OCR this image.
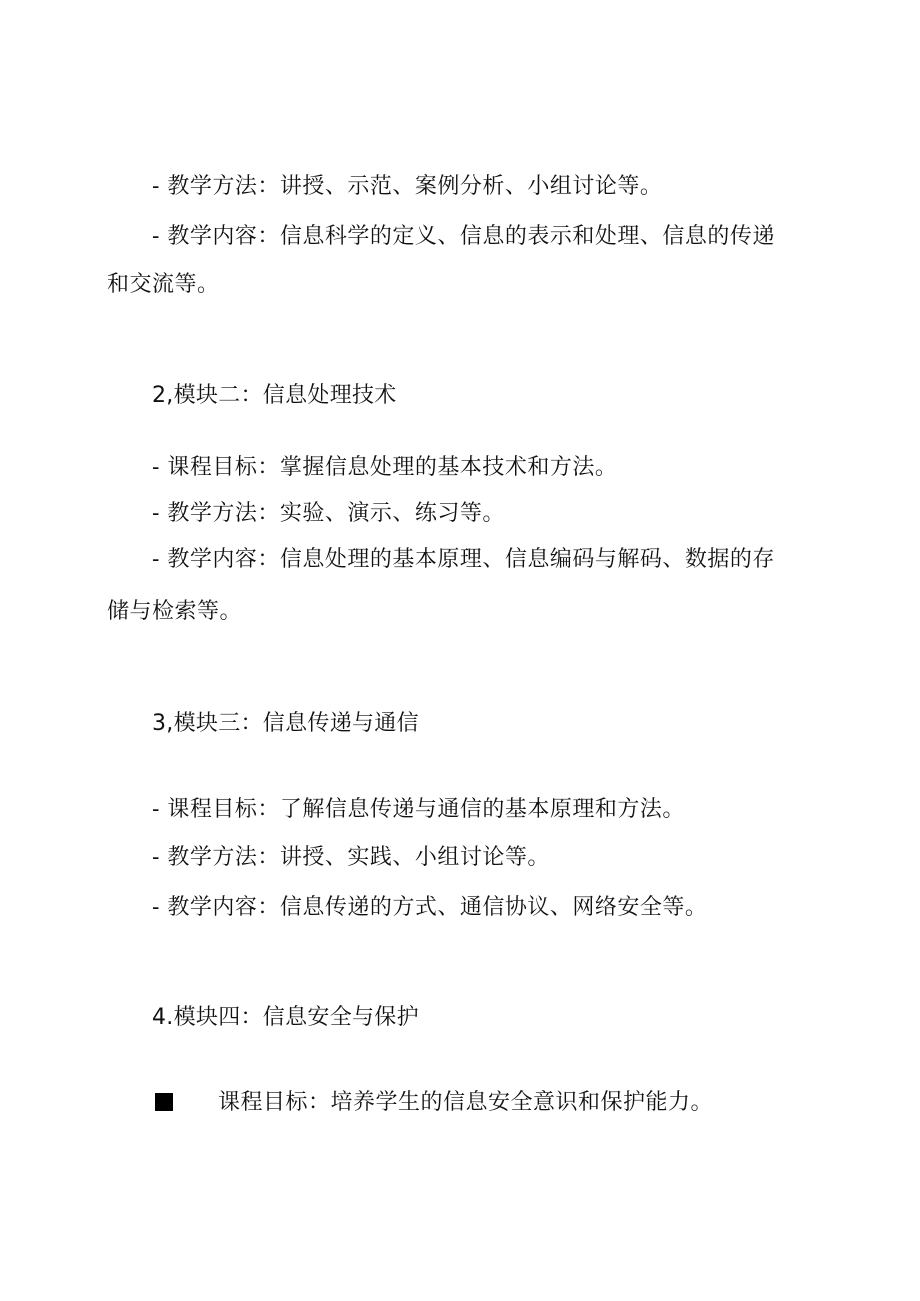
- 教学方法：讲授、示范、案例分析、小组讨论等。
- 教学内容：信息科学的定义、信息的表示和处理、信息的传递
和交流等。
2,模块二：信息处理技术
- 课程目标：掌握信息处理的基本技术和方法。
- 教学方法：实验、演示、练习等。
- 教学内容：信息处理的基本原理、信息编码与解码、数据的存
储与检索等。
3,模块三：信息传递与通信
- 课程目标：了解信息传递与通信的基本原理和方法。
- 教学方法：讲授、实践、小组讨论等。
- 教学内容：信息传递的方式、通信协议、网络安全等。
4.模块四：信息安全与保护
课程目标：培养学生的信息安全意识和保护能力。
